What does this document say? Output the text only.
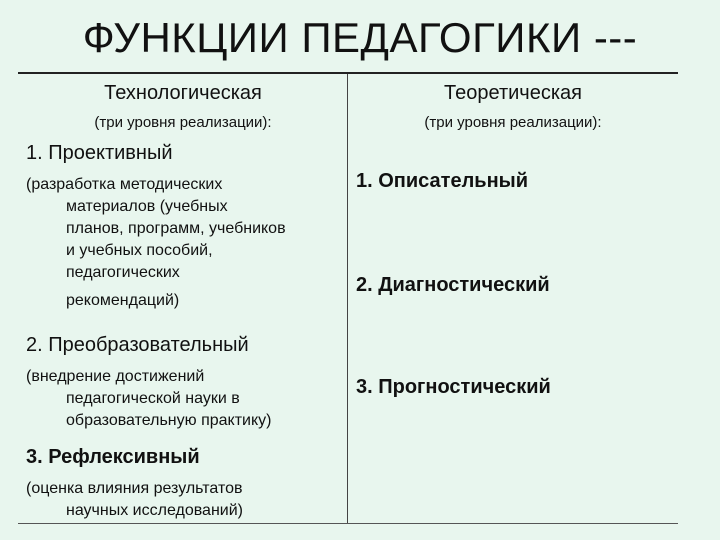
ФУНКЦИИ ПЕДАГОГИКИ ---
Технологическая
(три уровня реализации):
Теоретическая
(три уровня реализации):
1. Проективный
(разработка методических
материалов (учебных
планов, программ, учебников
и учебных пособий,
педагогических
рекомендаций)
2. Преобразовательный
(внедрение достижений
педагогической науки в
образовательную практику)
3. Рефлексивный
(оценка влияния результатов
научных исследований)
1. Описательный
2. Диагностический
3. Прогностический
